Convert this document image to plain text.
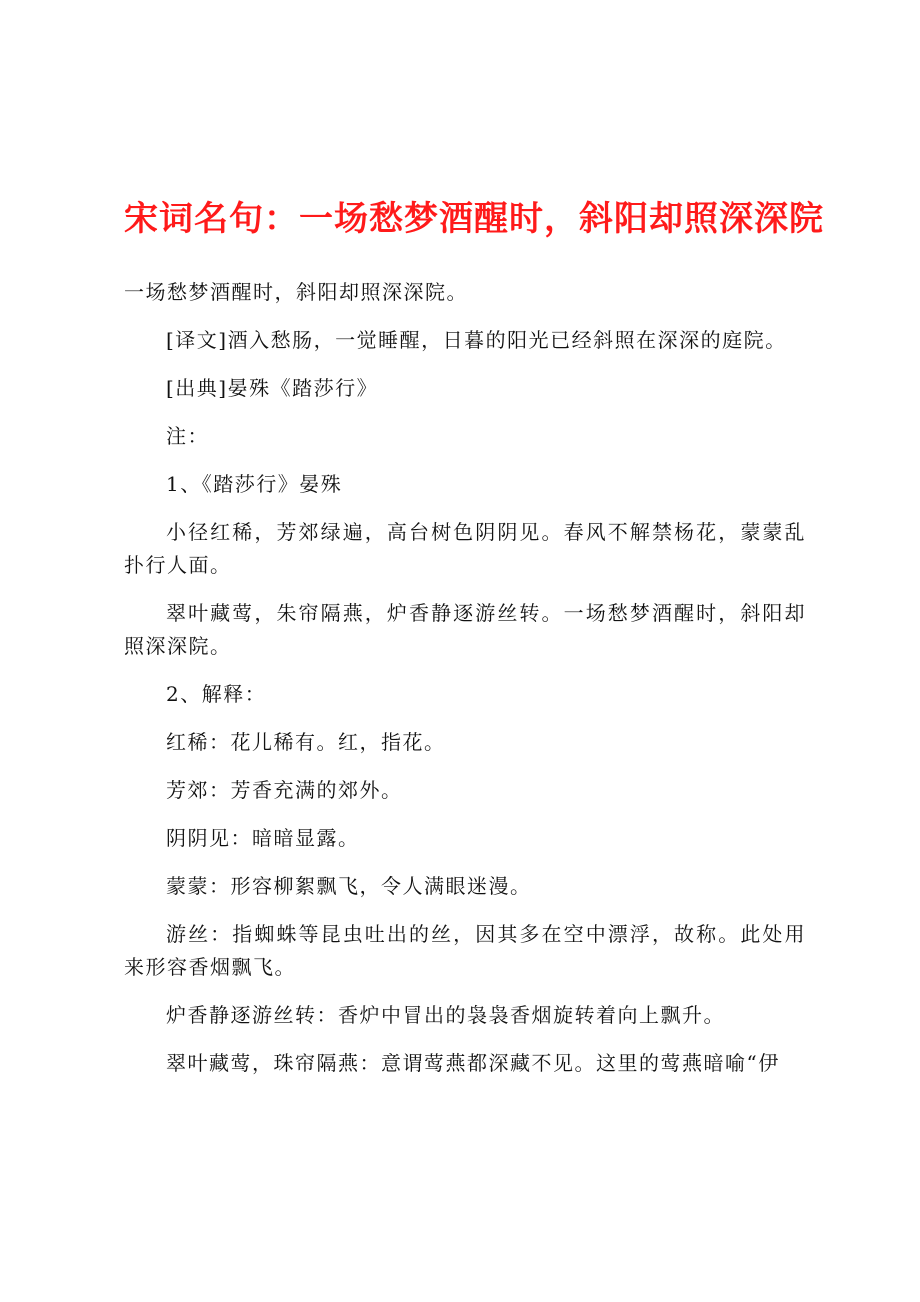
宋词名句：一场愁梦酒醒时，斜阳却照深深院

一场愁梦酒醒时，斜阳却照深深院。

[译文]酒入愁肠，一觉睡醒，日暮的阳光已经斜照在深深的庭院。

[出典]晏殊《踏莎行》

注：

1、《踏莎行》晏殊

小径红稀，芳郊绿遍，高台树色阴阴见。春风不解禁杨花，蒙蒙乱扑行人面。

翠叶藏莺，朱帘隔燕，炉香静逐游丝转。一场愁梦酒醒时，斜阳却照深深院。

2、解释：

红稀：花儿稀有。红，指花。

芳郊：芳香充满的郊外。

阴阴见：暗暗显露。

蒙蒙：形容柳絮飘飞，令人满眼迷漫。

游丝：指蜘蛛等昆虫吐出的丝，因其多在空中漂浮，故称。此处用来形容香烟飘飞。

炉香静逐游丝转：香炉中冒出的袅袅香烟旋转着向上飘升。

翠叶藏莺，珠帘隔燕：意谓莺燕都深藏不见。这里的莺燕暗喻“伊
